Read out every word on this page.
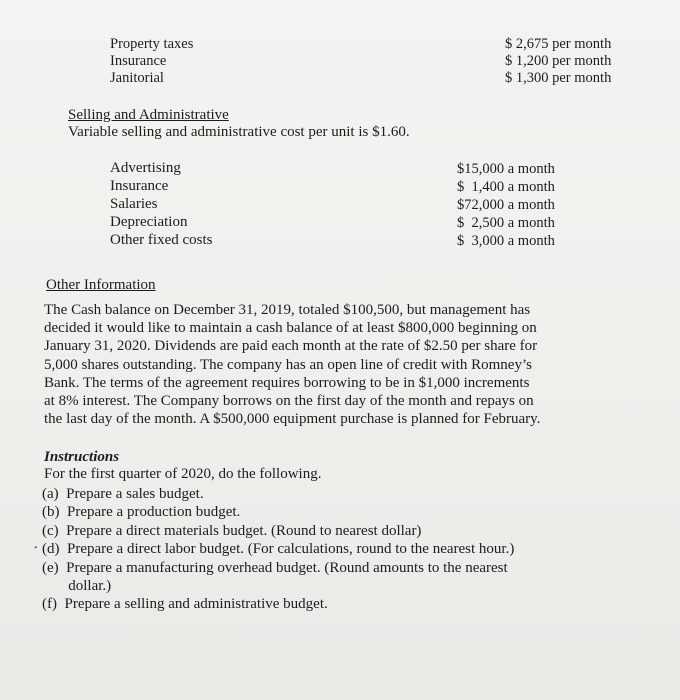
Property taxes
Insurance
Janitorial
$ 2,675 per month
$ 1,200 per month
$ 1,300 per month
Selling and Administrative
Variable selling and administrative cost per unit is $1.60.
Advertising
Insurance
Salaries
Depreciation
Other fixed costs
$15,000 a month
$  1,400 a month
$72,000 a month
$  2,500 a month
$  3,000 a month
Other Information
The Cash balance on December 31, 2019, totaled $100,500, but management has
decided it would like to maintain a cash balance of at least $800,000 beginning on
January 31, 2020. Dividends are paid each month at the rate of $2.50 per share for
5,000 shares outstanding. The company has an open line of credit with Romney’s
Bank. The terms of the agreement requires borrowing to be in $1,000 increments
at 8% interest. The Company borrows on the first day of the month and repays on
the last day of the month. A $500,000 equipment purchase is planned for February.
Instructions
For the first quarter of 2020, do the following.
(a)  Prepare a sales budget.
(b)  Prepare a production budget.
(c)  Prepare a direct materials budget. (Round to nearest dollar)
(d)  Prepare a direct labor budget. (For calculations, round to the nearest hour.)
(e)  Prepare a manufacturing overhead budget. (Round amounts to the nearest
dollar.)
(f)  Prepare a selling and administrative budget.
•
